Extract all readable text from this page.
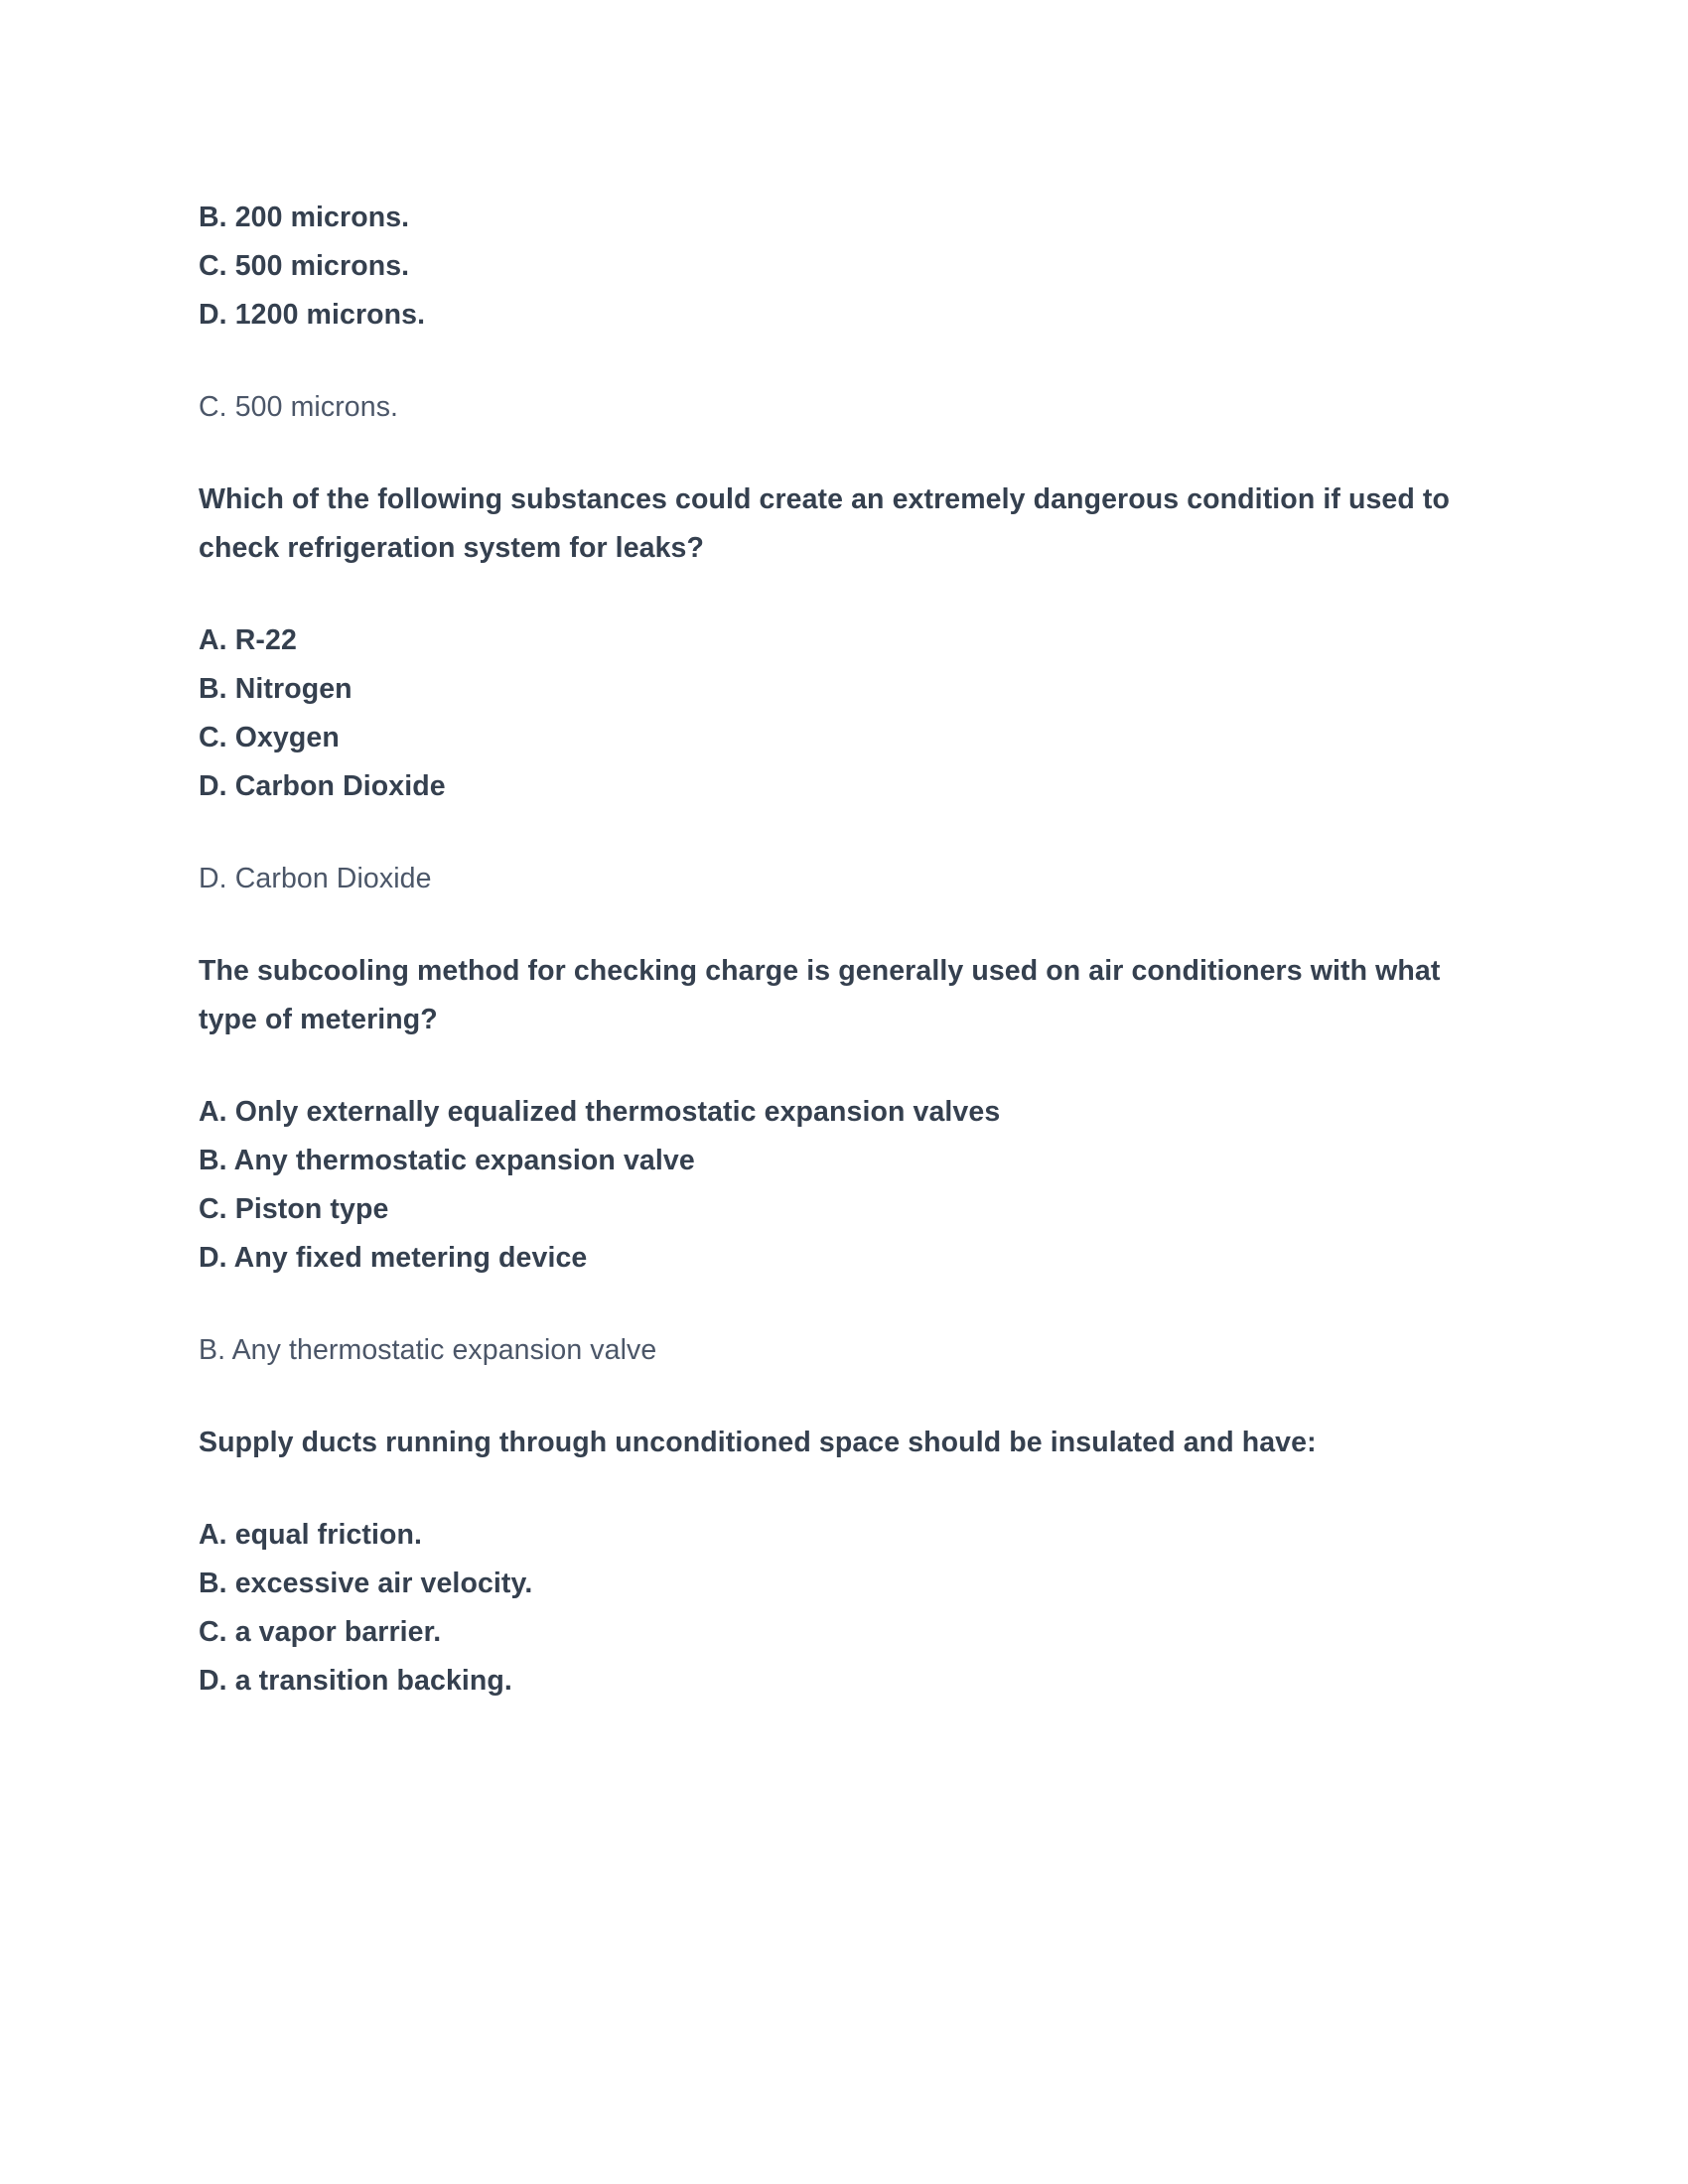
B. 200 microns.

C. 500 microns.

D. 1200 microns.

C. 500 microns.

Which of the following substances could create an extremely dangerous condition if used to check refrigeration system for leaks?

A. R-22

B. Nitrogen

C. Oxygen

D. Carbon Dioxide

D. Carbon Dioxide

The subcooling method for checking charge is generally used on air conditioners with what type of metering?

A. Only externally equalized thermostatic expansion valves

B. Any thermostatic expansion valve

C. Piston type

D. Any fixed metering device

B. Any thermostatic expansion valve

Supply ducts running through unconditioned space should be insulated and have:

A. equal friction.

B. excessive air velocity.

C. a vapor barrier.

D. a transition backing.
